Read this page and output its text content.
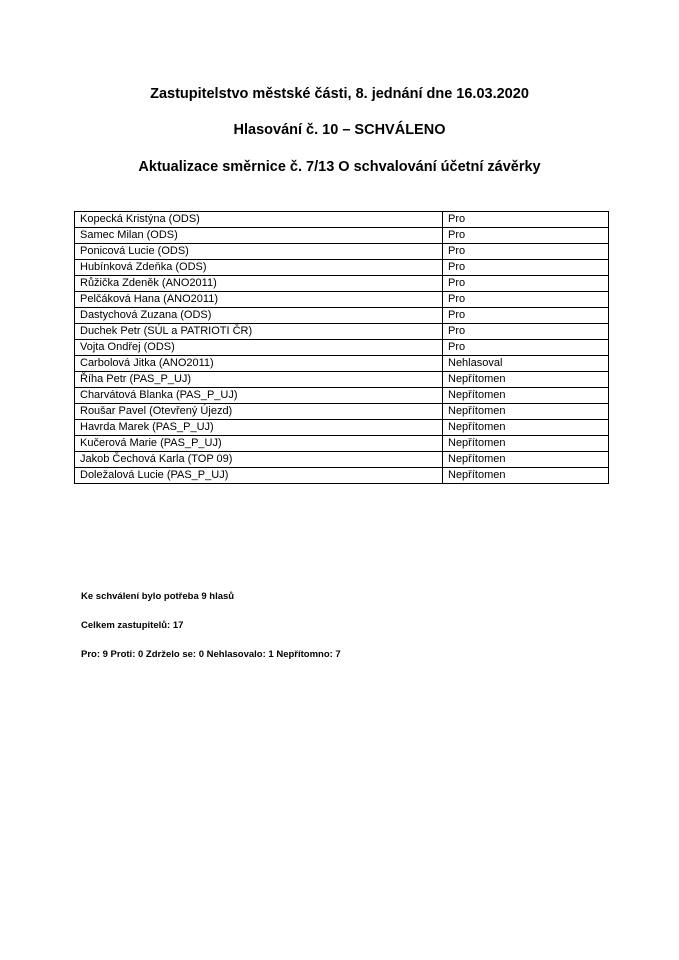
Zastupitelstvo městské části, 8. jednání dne 16.03.2020
Hlasování č. 10 – SCHVÁLENO
Aktualizace směrnice č. 7/13 O schvalování účetní závěrky
Kopecká Kristýna (ODS)	Pro
Samec Milan (ODS)	Pro
Ponicová Lucie (ODS)	Pro
Hubínková Zdeňka (ODS)	Pro
Růžička Zdeněk (ANO2011)	Pro
Pelčáková Hana (ANO2011)	Pro
Dastychová Zuzana (ODS)	Pro
Duchek Petr (SÚL a PATRIOTI ČR)	Pro
Vojta Ondřej (ODS)	Pro
Carbolová Jitka (ANO2011)	Nehlasoval
Říha Petr (PAS_P_UJ)	Nepřítomen
Charvátová Blanka (PAS_P_UJ)	Nepřítomen
Roušar Pavel (Otevřený Újezd)	Nepřítomen
Havrda Marek (PAS_P_UJ)	Nepřítomen
Kučerová Marie (PAS_P_UJ)	Nepřítomen
Jakob Čechová Karla (TOP 09)	Nepřítomen
Doležalová Lucie (PAS_P_UJ)	Nepřítomen
Ke schválení bylo potřeba 9 hlasů
Celkem zastupitelů: 17
Pro: 9 Proti: 0 Zdrželo se: 0 Nehlasovalo: 1 Nepřítomno: 7
